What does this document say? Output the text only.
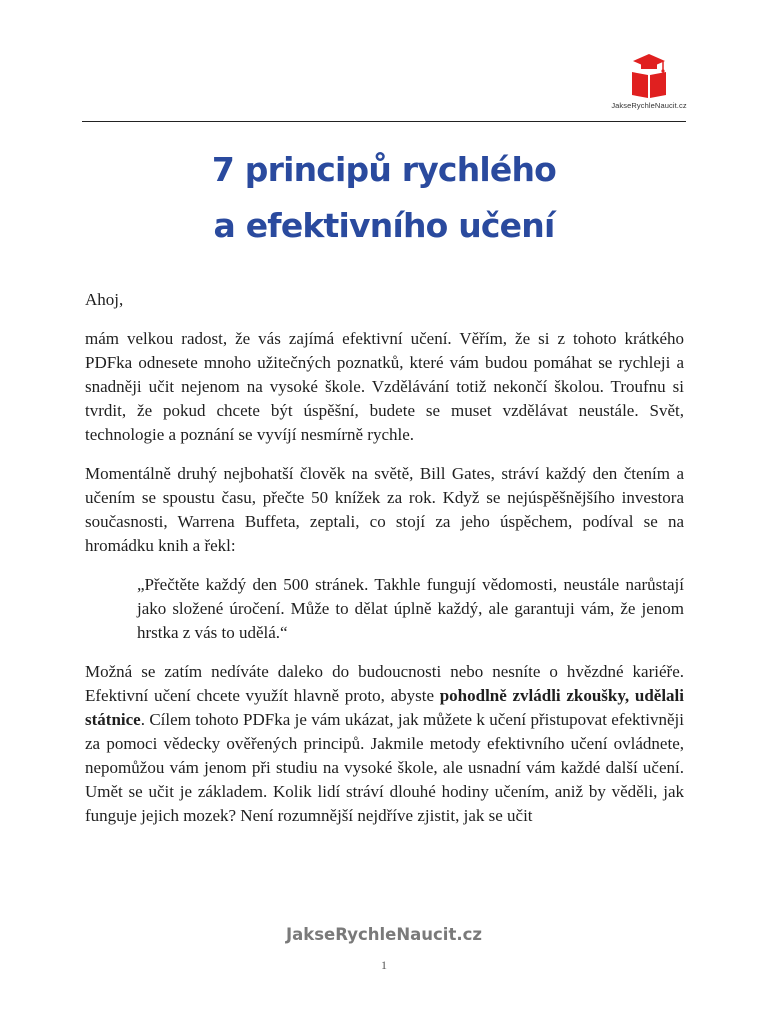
JakseRychleNaucit.cz
7 principů rychlého
a efektivního učení

Ahoj,

mám velkou radost, že vás zajímá efektivní učení. Věřím, že si z tohoto krátkého PDFka odnesete mnoho užitečných poznatků, které vám budou pomáhat se rychleji a snadněji učit nejenom na vysoké škole. Vzdělávání totiž nekončí školou. Troufnu si tvrdit, že pokud chcete být úspěšní, budete se muset vzdělávat neustále. Svět, technologie a poznání se vyvíjí nesmírně rychle.

Momentálně druhý nejbohatší člověk na světě, Bill Gates, stráví každý den čtením a učením se spoustu času, přečte 50 knížek za rok. Když se nejúspěšnějšího investora současnosti, Warrena Buffeta, zeptali, co stojí za jeho úspěchem, podíval se na hromádku knih a řekl:

„Přečtěte každý den 500 stránek. Takhle fungují vědomosti, neustále narůstají jako složené úročení. Může to dělat úplně každý, ale garantuji vám, že jenom hrstka z vás to udělá.“

Možná se zatím nedíváte daleko do budoucnosti nebo nesníte o hvězdné kariéře. Efektivní učení chcete využít hlavně proto, abyste pohodlně zvládli zkoušky, udělali státnice. Cílem tohoto PDFka je vám ukázat, jak můžete k učení přistupovat efektivněji za pomoci vědecky ověřených principů. Jakmile metody efektivního učení ovládnete, nepomůžou vám jenom při studiu na vysoké škole, ale usnadní vám každé další učení. Umět se učit je základem. Kolik lidí stráví dlouhé hodiny učením, aniž by věděli, jak funguje jejich mozek? Není rozumnější nejdříve zjistit, jak se učit

JakseRychleNaucit.cz
1
